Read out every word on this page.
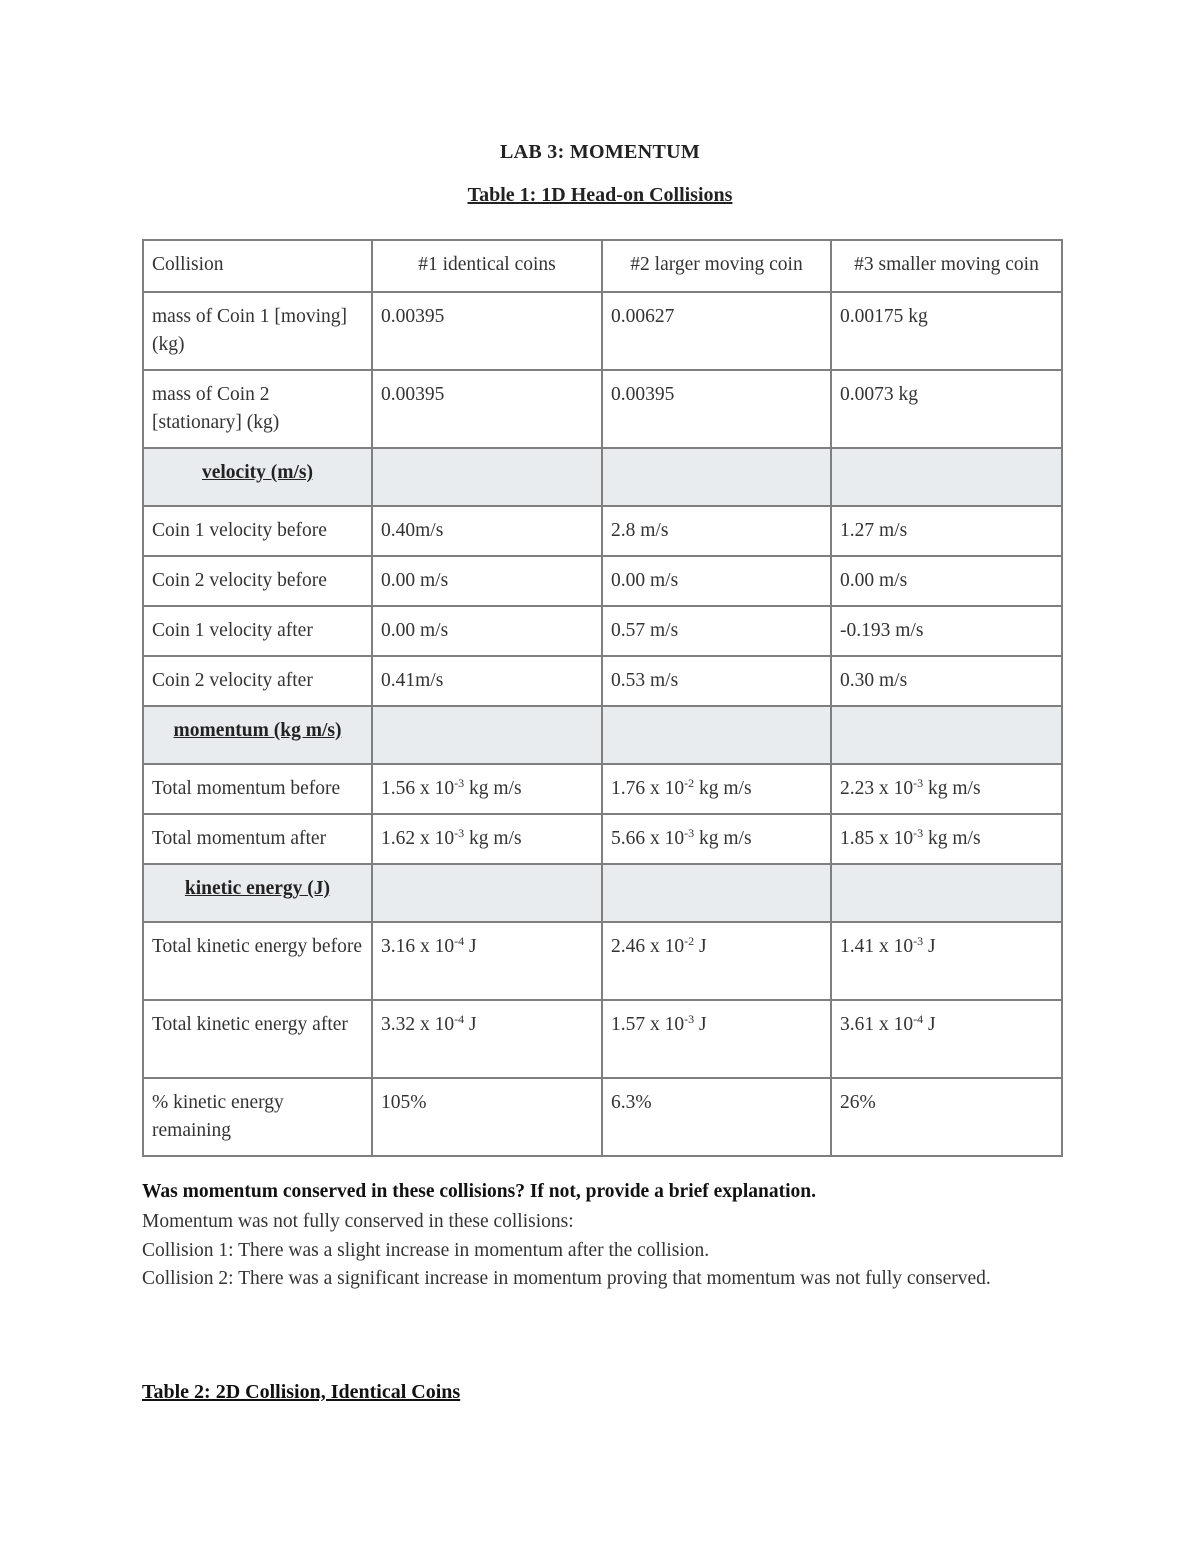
LAB 3: MOMENTUM
Table 1: 1D Head-on Collisions
Collision	#1 identical coins	#2 larger moving coin	#3 smaller moving coin
mass of Coin 1 [moving] (kg)	0.00395	0.00627	0.00175 kg
mass of Coin 2 [stationary] (kg)	0.00395	0.00395	0.0073 kg
velocity (m/s)			
Coin 1 velocity before	0.40m/s	2.8 m/s	1.27 m/s
Coin 2 velocity before	0.00 m/s	0.00 m/s	0.00 m/s
Coin 1 velocity after	0.00 m/s	0.57 m/s	-0.193 m/s
Coin 2 velocity after	0.41m/s	0.53 m/s	0.30 m/s
momentum (kg m/s)			
Total momentum before	1.56 x $10^{-3}$ kg m/s	1.76 x $10^{-2}$ kg m/s	2.23 x $10^{-3}$ kg m/s
Total momentum after	1.62 x $10^{-3}$ kg m/s	5.66 x $10^{-3}$ kg m/s	1.85 x $10^{-3}$ kg m/s
kinetic energy (J)			
Total kinetic energy before	3.16 x $10^{-4}$ J	2.46 x $10^{-2}$ J	1.41 x $10^{-3}$ J
Total kinetic energy after	3.32 x $10^{-4}$ J	1.57 x $10^{-3}$ J	3.61 x $10^{-4}$ J
% kinetic energy remaining	105%	6.3%	26%
Was momentum conserved in these collisions? If not, provide a brief explanation.

Momentum was not fully conserved in these collisions:

Collision 1: There was a slight increase in momentum after the collision.

Collision 2: There was a significant increase in momentum proving that momentum was not fully conserved.

Table 2: 2D Collision, Identical Coins
